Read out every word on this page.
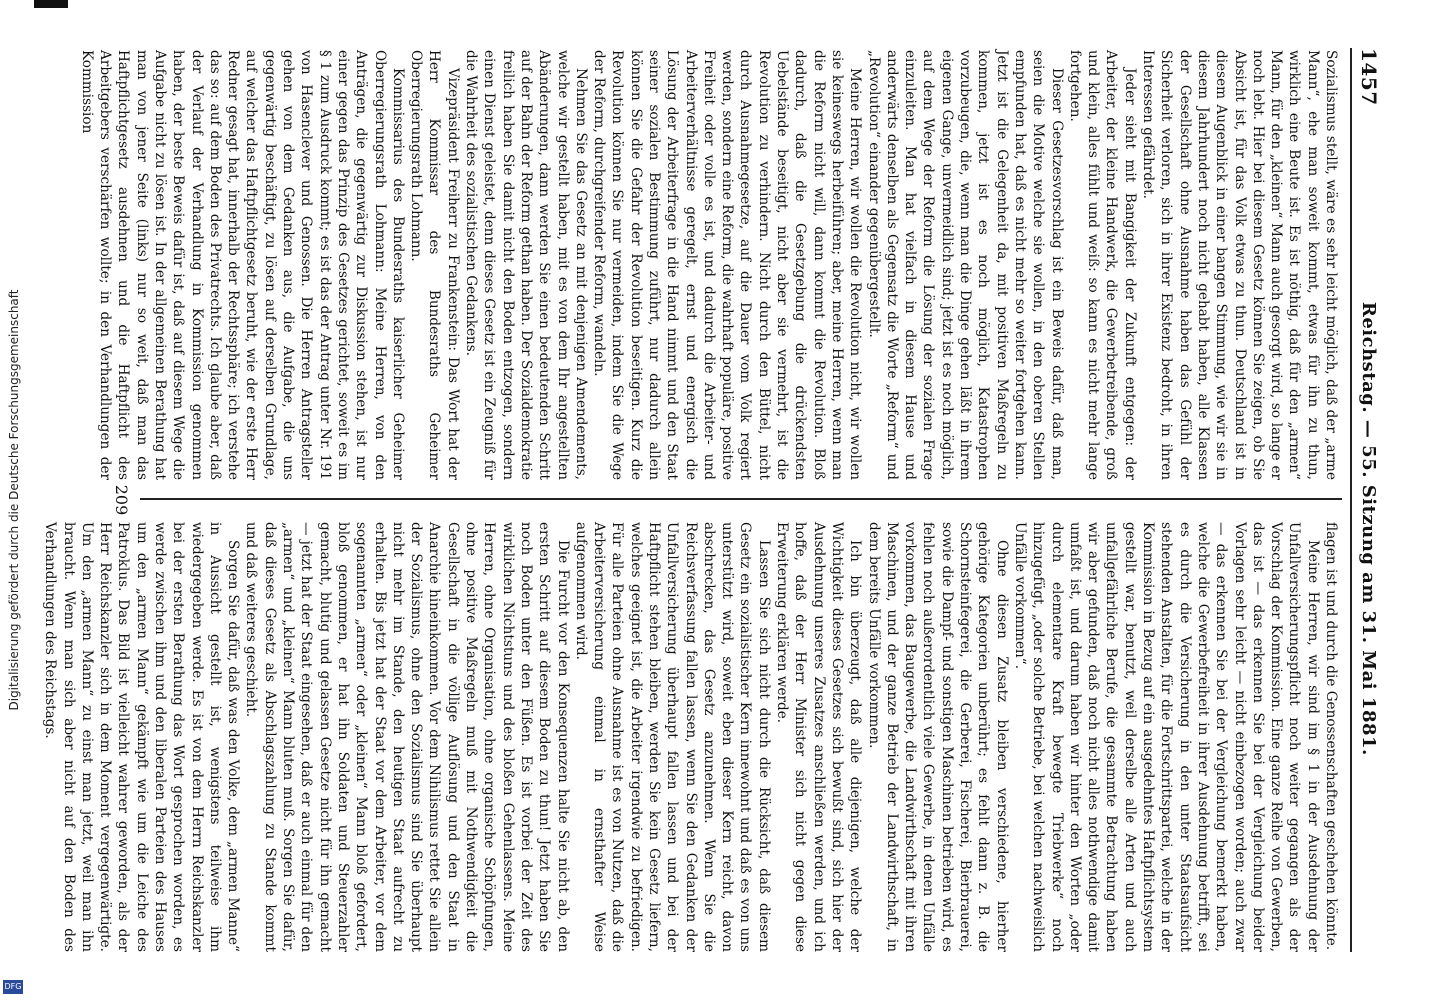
Digitalisierung gefördert durch die Deutsche Forschungsgemeinschaft
DFG
1457
Reichstag. — 55. Sitzung am 31. Mai 1881.

Sozialismus stellt, wäre es sehr leicht möglich, daß der „arme Mann“, ehe man soweit kommt, etwas für ihn zu thun, wirklich eine Beute ist. Es ist nöthig, daß für den „armen“ Mann, für den „kleinen“ Mann auch gesorgt wird, so lange er noch lebt. Hier bei diesem Gesetz können Sie zeigen, ob Sie Absicht ist, für das Volk etwas zu thun. Deutschland ist in diesem Augenblick in einer bangen Stimmung, wie wir sie in diesem Jahrhundert noch nicht gehabt haben, alle Klassen der Gesellschaft ohne Ausnahme haben das Gefühl der Sicherheit verloren, sich in ihrer Existenz bedroht, in ihren Interessen gefährdet.

Jeder sieht mit Bangigkeit der Zukunft entgegen: der Arbeiter, der kleine Handwerk, die Gewerbetreibende, groß und klein, alles fühlt und weiß: so kann es nicht mehr lange fortgehen.

Dieser Gesetzesvorschlag ist ein Beweis dafür, daß man, seien die Motive welche sie wollen, in den oberen Stellen empfunden hat, daß es nicht mehr so weiter fortgehen kann. Jetzt ist die Gelegenheit da, mit positiven Maßregeln zu kommen, jetzt ist es noch möglich, Katastrophen vorzubeugen, die, wenn man die Dinge gehen läßt in ihrem eigenen Gange, unvermeidlich sind; jetzt ist es noch möglich, auf dem Wege der Reform die Lösung der sozialen Frage einzuleiten. Man hat vielfach in diesem Hause und anderwärts denselben als Gegensatz die Worte „Reform“ und „Revolution“ einander gegenübergestellt.

Meine Herren, wir wollen die Revolution nicht, wir wollen sie keineswegs herbeiführen; aber, meine Herren, wenn man die Reform nicht will, dann kommt die Revolution. Bloß dadurch, daß die Gesetzgebung die drückendsten Uebelstände beseitigt, nicht aber sie vermehrt, ist die Revolution zu verhindern. Nicht durch den Büttel, nicht durch Ausnahmegesetze, auf die Dauer vom Volk regiert werden, sondern eine Reform, die wahrhaft populäre, positive Freiheit oder volle es ist, und dadurch die Arbeiter- und Arbeiterverhältnisse geregelt, ernst und energisch die Lösung der Arbeiterfrage in die Hand nimmt und den Staat seiner sozialen Bestimmung zuführt, nur dadurch allein können Sie die Gefahr der Revolution beseitigen. Kurz die Revolution können Sie nur vermeiden, indem Sie die Wege der Reform, durchgreifender Reform, wandeln.

Nehmen Sie das Gesetz an mit denjenigen Amendements, welche wir gestellt haben, mit es von dem Ihr angestellten Abänderungen, dann werden Sie einen bedeutenden Schritt auf der Bahn der Reform gethan haben. Der Sozialdemokratie freilich haben Sie damit nicht den Boden entzogen, sondern einen Dienst geleistet, denn dieses Gesetz ist ein Zeugniß für die Wahrheit des sozialistischen Gedankens.

Vizepräsident Freiherr zu Frankenstein: Das Wort hat der Herr Kommissar des Bundesraths Geheimer Oberregierungsrath Lohmann.

Kommissarius des Bundesraths kaiserlicher Geheimer Oberregierungsrath Lohmann: Meine Herren, von den Anträgen, die gegenwärtig zur Diskussion stehen, ist nur einer gegen das Prinzip des Gesetzes gerichtet, soweit es im § 1 zum Ausdruck kommt; es ist das der Antrag unter Nr. 191 von Hasenclever und Genossen. Die Herren Antragsteller gehen von dem Gedanken aus, die Aufgabe, die uns gegenwärtig beschäftigt, zu lösen auf derselben Grundlage, auf welcher das Haftpflichtgesetz beruht, wie der erste Herr Redner gesagt hat, innerhalb der Rechtssphäre; ich verstehe das so: auf dem Boden des Privatrechts. Ich glaube aber, daß der Verlauf der Verhandlung in Kommission genommen haben, der beste Beweis dafür ist, daß auf diesem Wege die Aufgabe nicht zu lösen ist. In der allgemeinen Berathung hat man von jener Seite (links) nur so weit, daß man das Haftpflichtgesetz ausdehnen und die Haftpflicht des Arbeitgebers verschärfen wollte; in den Verhandlungen der Kommission

flagen ist und durch die Genossenschaften geschehen könnte.

Meine Herren, wir sind im § 1 in der Ausdehnung der Unfallversicherungspflicht noch weiter gegangen als der Vorschlag der Kommission. Eine ganze Reihe von Gewerben, das ist — das erkennen Sie bei der Vergleichung beider Vorlagen sehr leicht — nicht einbezogen worden; auch zwar — das erkennen Sie bei der Vergleichung bemerkt haben, welche die Gewerbefreiheit in ihrer Ausdehnung betrifft, sei es durch die Versicherung in den unter Staatsaufsicht stehenden Anstalten, für die Fortschrittspartei, welche in der Kommission in Bezug auf ein ausgedehntes Haftpflichtsystem gestellt war, benutzt, weil derselbe alle Arten und auch unfallgefährliche Berufe, die gesammte Betrachtung haben wir aber gefunden, daß noch nicht alles nothwendige damit umfaßt ist, und darum haben wir hinter den Worten „oder durch elementare Kraft bewegte Triebwerke“ noch hinzugefügt, „oder solche Betriebe, bei welchen nachweislich Unfälle vorkommen“.

Ohne diesen Zusatz bleiben verschiedene, hierher gehörige Kategorien unberührt; es fehlt dann z. B. die Schornsteinfegerei, die Gerberei, Fischerei, Bierbrauerei, sowie die Dampf- und sonstigen Maschinen betrieben wird, es fehlen noch außerordentlich viele Gewerbe, in denen Unfälle vorkommen, das Baugewerbe, die Landwirthschaft mit ihren Maschinen, und der ganze Betrieb der Landwirthschaft, in dem bereits Unfälle vorkommen.

Ich bin überzeugt, daß alle diejenigen, welche der Wichtigkeit dieses Gesetzes sich bewußt sind, sich hier der Ausdehnung unseres Zusatzes anschließen werden, und ich hoffe, daß der Herr Minister sich nicht gegen diese Erweiterung erklären werde.

Lassen Sie sich nicht durch die Rücksicht, daß diesem Gesetz ein sozialistischer Kern innewohnt und daß es von uns unterstützt wird, soweit eben dieser Kern reicht, davon abschrecken, das Gesetz anzunehmen. Wenn Sie die Reichsverfassung fallen lassen, wenn Sie den Gedanken der Unfallversicherung überhaupt fallen lassen und bei der Haftpflicht stehen bleiben, werden Sie kein Gesetz liefern, welches geeignet ist, die Arbeiter irgendwie zu befriedigen. Für alle Parteien ohne Ausnahme ist es von Nutzen, daß die Arbeiterversicherung einmal in ernsthafter Weise aufgenommen wird.

Die Furcht vor den Konsequenzen halte Sie nicht ab, den ersten Schritt auf diesem Boden zu thun! Jetzt haben Sie noch Boden unter den Füßen. Es ist vorbei der Zeit des wirklichen Nichtstuns und des bloßen Gehenlassens. Meine Herren, ohne Organisation, ohne organische Schöpfungen, ohne positive Maßregeln muß mit Nothwendigkeit die Gesellschaft in die völlige Auflösung und den Staat in Anarchie hineinkommen. Vor dem Nihilismus rettet Sie allein der Sozialismus, ohne den Sozialismus sind Sie überhaupt nicht mehr im Stande, den heutigen Staat aufrecht zu erhalten. Bis jetzt hat der Staat vor dem Arbeiter, vor dem sogenannten „armen“ oder „kleinen“ Mann bloß gefordert, bloß genommen, er hat ihn Soldaten und Steuerzahler gemacht, blutig und gelassen Gesetze nicht für ihn gemacht — jetzt hat der Staat eingesehen, daß er auch einmal für den „armen“ und „kleinen“ Mann bluten muß. Sorgen Sie dafür, daß dieses Gesetz als Abschlagszahlung zu Stande kommt und daß weiteres geschieht.

Sorgen Sie dafür, daß was den Volke, dem „armen Manne“ in Aussicht gestellt ist, wenigstens teilweise ihm wiedergegeben werde. Es ist von dem Herrn Reichskanzler bei der ersten Berathung das Wort gesprochen worden, es werde zwischen ihm und den liberalen Parteien des Hauses um den „armen Mann“ gekämpft wie um die Leiche des Patroklus. Das Bild ist vielleicht wahrer geworden, als der Herr Reichskanzler sich in dem Moment vergegenwärtigte. Um den „armen Mann“ zu einst man jetzt, weil man ihn braucht. Wenn man sich aber nicht auf den Boden des Verhandlungen des Reichstags.

209
